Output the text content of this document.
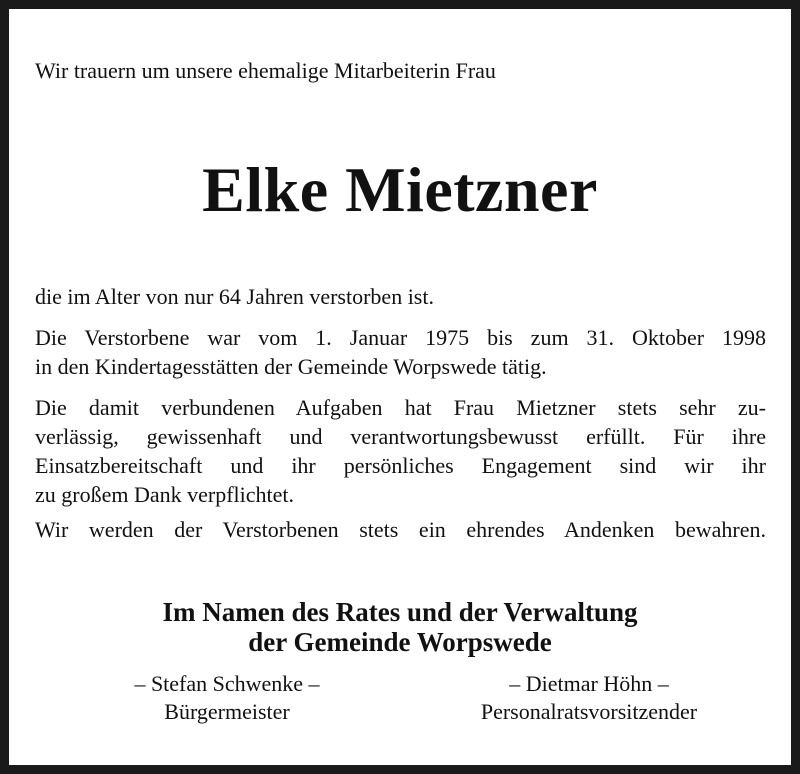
Wir trauern um unsere ehemalige Mitarbeiterin Frau
Elke Mietzner
die im Alter von nur 64 Jahren verstorben ist.
Die Verstorbene war vom 1. Januar 1975 bis zum 31. Oktober 1998
in den Kindertagesstätten der Gemeinde Worpswede tätig.
Die damit verbundenen Aufgaben hat Frau Mietzner stets sehr zu-
verlässig, gewissenhaft und verantwortungsbewusst erfüllt. Für ihre
Einsatzbereitschaft und ihr persönliches Engagement sind wir ihr
zu großem Dank verpflichtet.
Wir werden der Verstorbenen stets ein ehrendes Andenken bewahren.
Im Namen des Rates und der Verwaltung
der Gemeinde Worpswede
– Stefan Schwenke –
Bürgermeister
– Dietmar Höhn –
Personalratsvorsitzender
